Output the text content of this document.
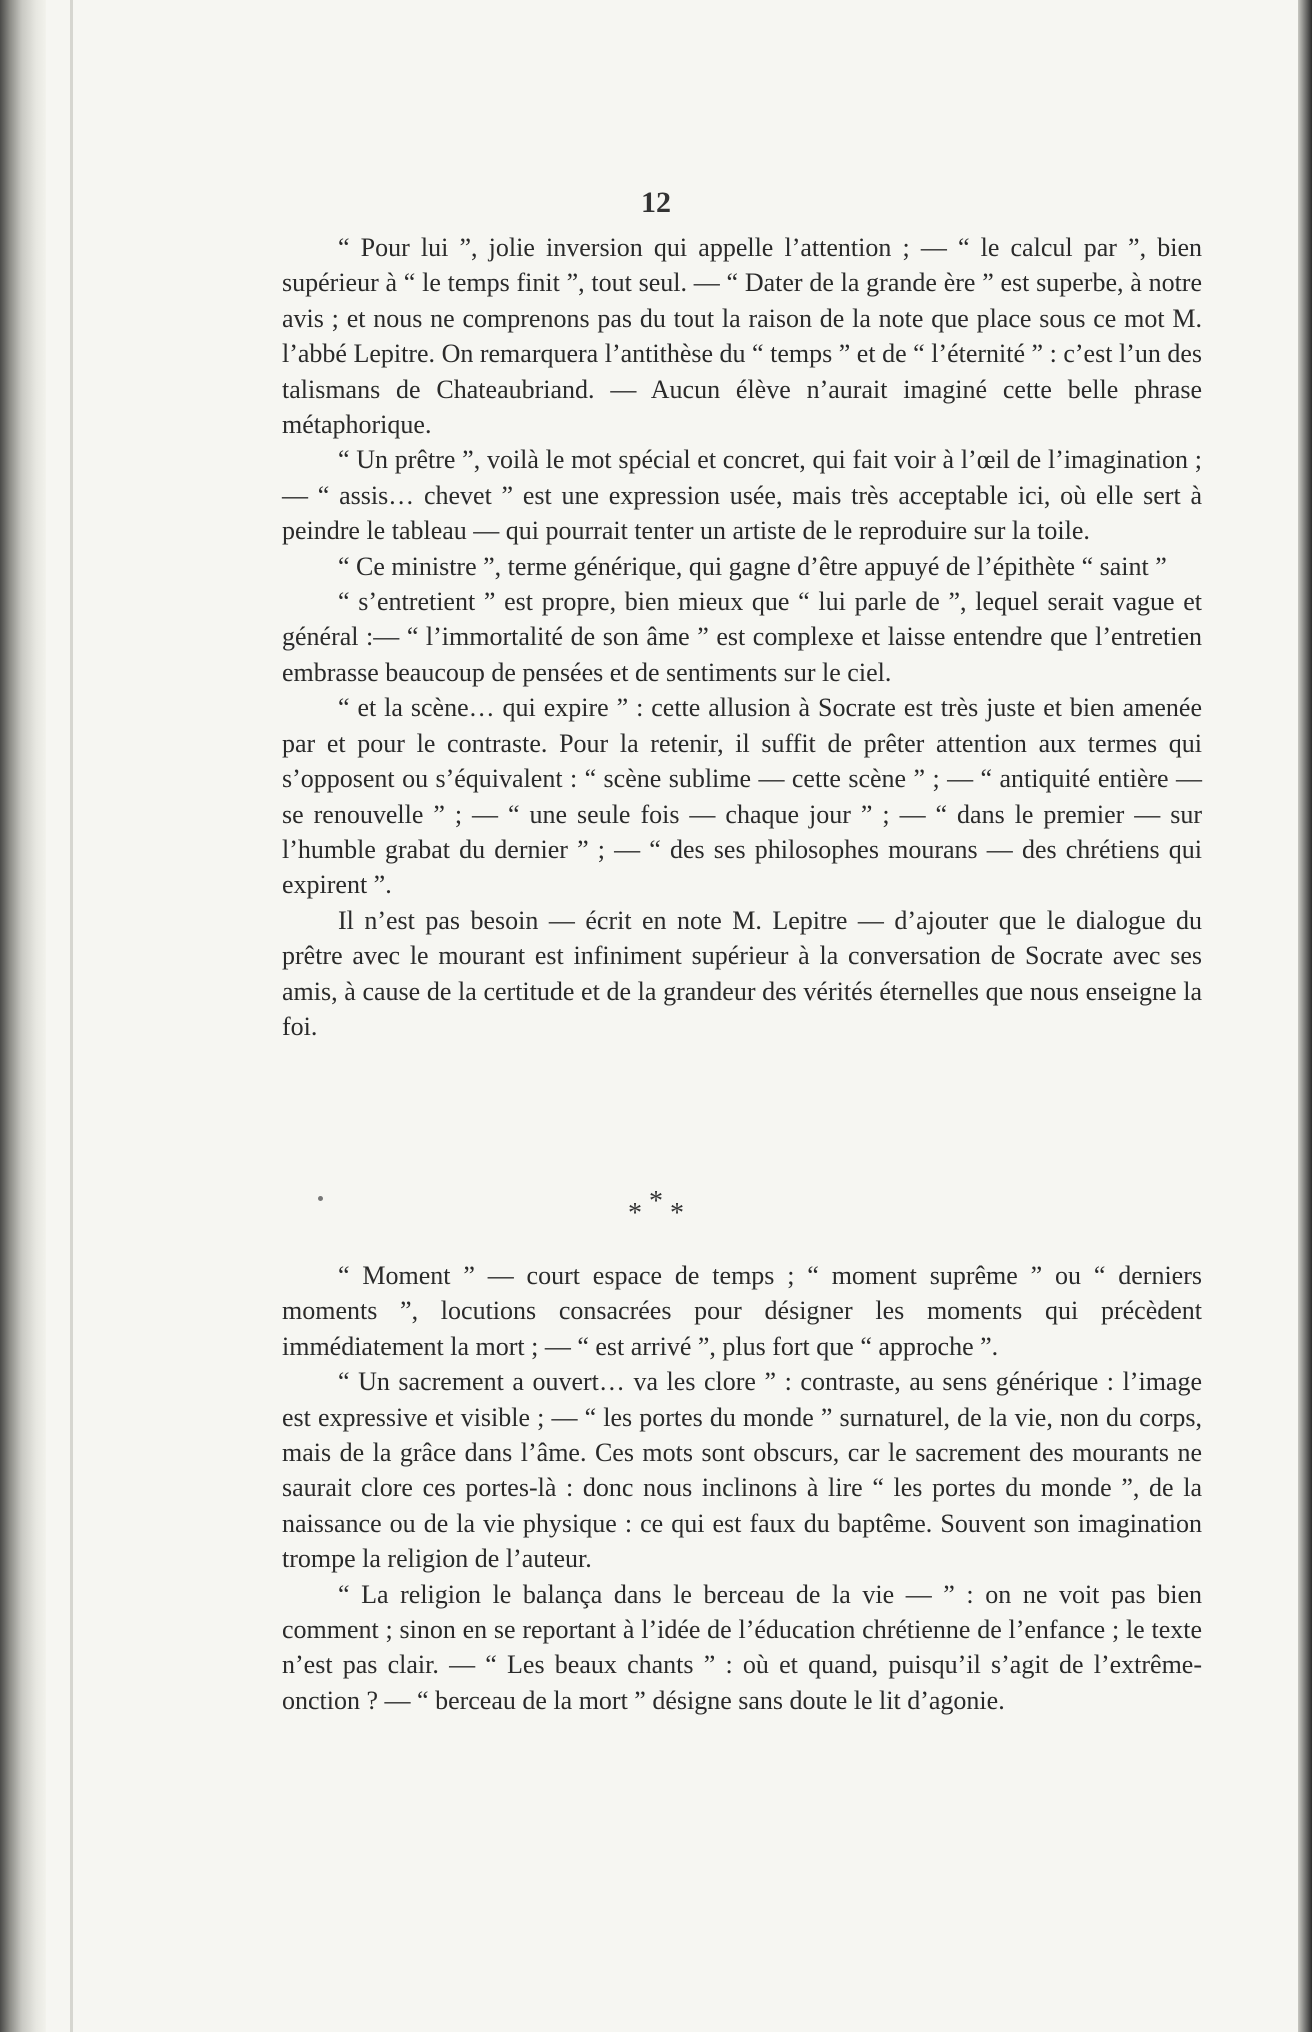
12

“ Pour lui ”, jolie inversion qui appelle l’attention ; — “ le calcul par ”, bien supérieur à “ le temps finit ”, tout seul. — “ Dater de la grande ère ” est superbe, à notre avis ; et nous ne comprenons pas du tout la raison de la note que place sous ce mot M. l’abbé Lepitre. On remarquera l’antithèse du “ temps ” et de “ l’éternité ” : c’est l’un des talismans de Chateaubriand. — Aucun élève n’aurait imaginé cette belle phrase métaphorique.

“ Un prêtre ”, voilà le mot spécial et concret, qui fait voir à l’œil de l’imagination ; — “ assis… chevet ” est une expression usée, mais très acceptable ici, où elle sert à peindre le tableau — qui pourrait tenter un artiste de le reproduire sur la toile.

“ Ce ministre ”, terme générique, qui gagne d’être appuyé de l’épithète “ saint ”

“ s’entretient ” est propre, bien mieux que “ lui parle de ”, lequel serait vague et général :— “ l’immortalité de son âme ” est complexe et laisse entendre que l’entretien embrasse beaucoup de pensées et de sentiments sur le ciel.

“ et la scène… qui expire ” : cette allusion à Socrate est très juste et bien amenée par et pour le contraste. Pour la retenir, il suffit de prêter attention aux termes qui s’opposent ou s’équivalent : “ scène sublime — cette scène ” ; — “ antiquité entière — se renouvelle ” ; — “ une seule fois — chaque jour ” ; — “ dans le premier — sur l’humble grabat du dernier ” ; — “ des ses philosophes mourans — des chrétiens qui expirent ”.

Il n’est pas besoin — écrit en note M. Lepitre — d’ajouter que le dialogue du prêtre avec le mourant est infiniment supérieur à la conversation de Socrate avec ses amis, à cause de la certitude et de la grandeur des vérités éternelles que nous enseigne la foi.

* * *

“ Moment ” — court espace de temps ; “ moment suprême ” ou “ derniers moments ”, locutions consacrées pour désigner les moments qui précèdent immédiatement la mort ; — “ est arrivé ”, plus fort que “ approche ”.

“ Un sacrement a ouvert… va les clore ” : contraste, au sens générique : l’image est expressive et visible ; — “ les portes du monde ” surnaturel, de la vie, non du corps, mais de la grâce dans l’âme. Ces mots sont obscurs, car le sacrement des mourants ne saurait clore ces portes-là : donc nous inclinons à lire “ les portes du monde ”, de la naissance ou de la vie physique : ce qui est faux du baptême. Souvent son imagination trompe la religion de l’auteur.

“ La religion le balança dans le berceau de la vie — ” : on ne voit pas bien comment ; sinon en se reportant à l’idée de l’éducation chrétienne de l’enfance ; le texte n’est pas clair. — “ Les beaux chants ” : où et quand, puisqu’il s’agit de l’extrême-onction ? — “ berceau de la mort ” désigne sans doute le lit d’agonie.
